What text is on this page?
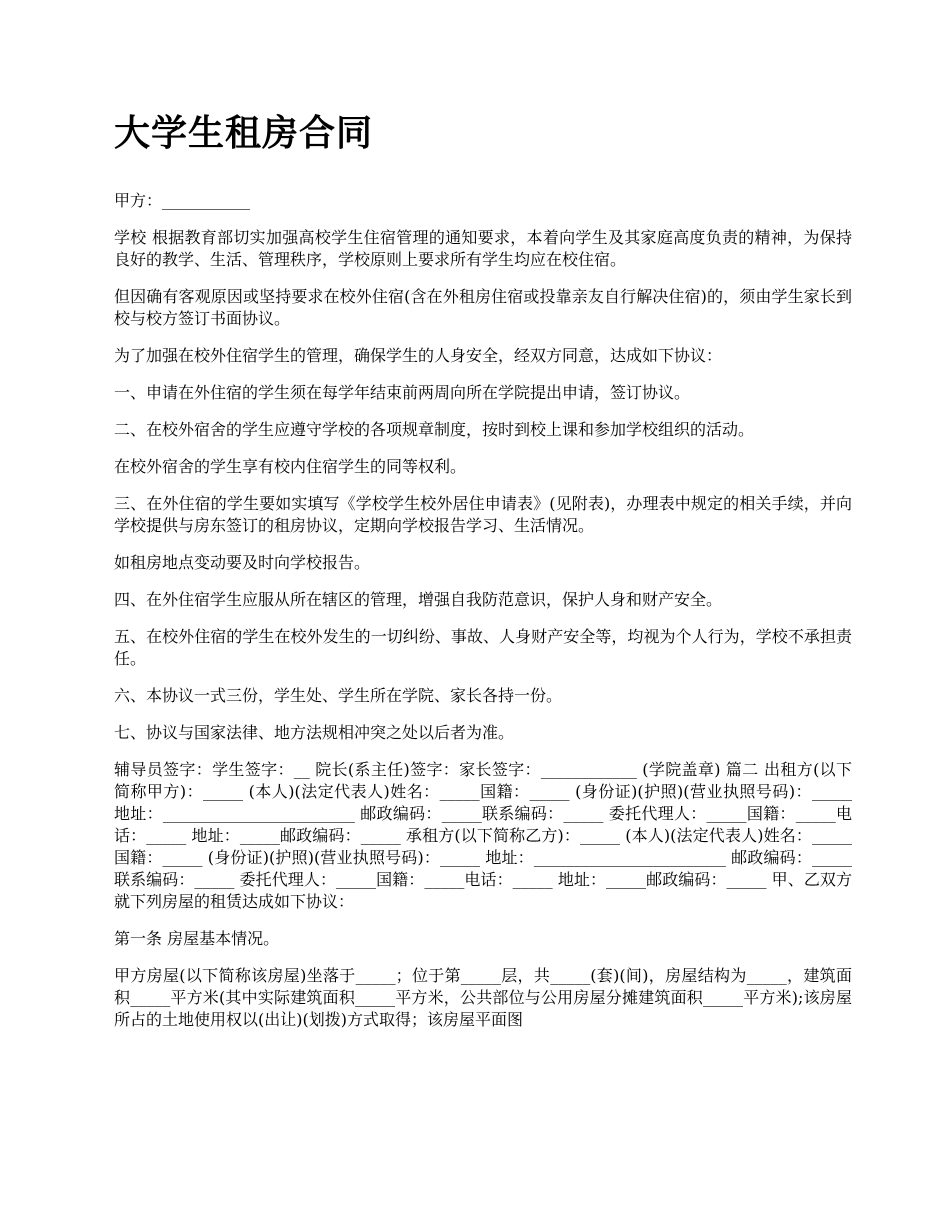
大学生租房合同

甲方：___________

学校 根据教育部切实加强高校学生住宿管理的通知要求，本着向学生及其家庭高度负责的精神，为保持良好的教学、生活、管理秩序，学校原则上要求所有学生均应在校住宿。

但因确有客观原因或坚持要求在校外住宿(含在外租房住宿或投靠亲友自行解决住宿)的，须由学生家长到校与校方签订书面协议。

为了加强在校外住宿学生的管理，确保学生的人身安全，经双方同意，达成如下协议：

一、申请在外住宿的学生须在每学年结束前两周向所在学院提出申请，签订协议。

二、在校外宿舍的学生应遵守学校的各项规章制度，按时到校上课和参加学校组织的活动。

在校外宿舍的学生享有校内住宿学生的同等权利。

三、在外住宿的学生要如实填写《学校学生校外居住申请表》(见附表)，办理表中规定的相关手续，并向学校提供与房东签订的租房协议，定期向学校报告学习、生活情况。

如租房地点变动要及时向学校报告。

四、在外住宿学生应服从所在辖区的管理，增强自我防范意识，保护人身和财产安全。

五、在校外住宿的学生在校外发生的一切纠纷、事故、人身财产安全等，均视为个人行为，学校不承担责任。

六、本协议一式三份，学生处、学生所在学院、家长各持一份。

七、协议与国家法律、地方法规相冲突之处以后者为准。

辅导员签字：学生签字：__ 院长(系主任)签字：家长签字：____________ (学院盖章) 篇二 出租方(以下简称甲方)：_____ (本人)(法定代表人)姓名：_____国籍：_____ (身份证)(护照)(营业执照号码)：_____ 地址：________________________ 邮政编码：_____联系编码：_____ 委托代理人：_____国籍：_____电话：_____ 地址：_____邮政编码：_____ 承租方(以下简称乙方)：_____ (本人)(法定代表人)姓名：_____国籍：_____ (身份证)(护照)(营业执照号码)：_____ 地址：________________________ 邮政编码：_____联系编码：_____ 委托代理人：_____国籍：_____电话：_____ 地址：_____邮政编码：_____ 甲、乙双方就下列房屋的租赁达成如下协议：

第一条 房屋基本情况。

甲方房屋(以下简称该房屋)坐落于_____；位于第_____层，共_____(套)(间)，房屋结构为_____，建筑面积_____平方米(其中实际建筑面积_____平方米，公共部位与公用房屋分摊建筑面积_____平方米);该房屋所占的土地使用权以(出让)(划拨)方式取得；该房屋平面图
